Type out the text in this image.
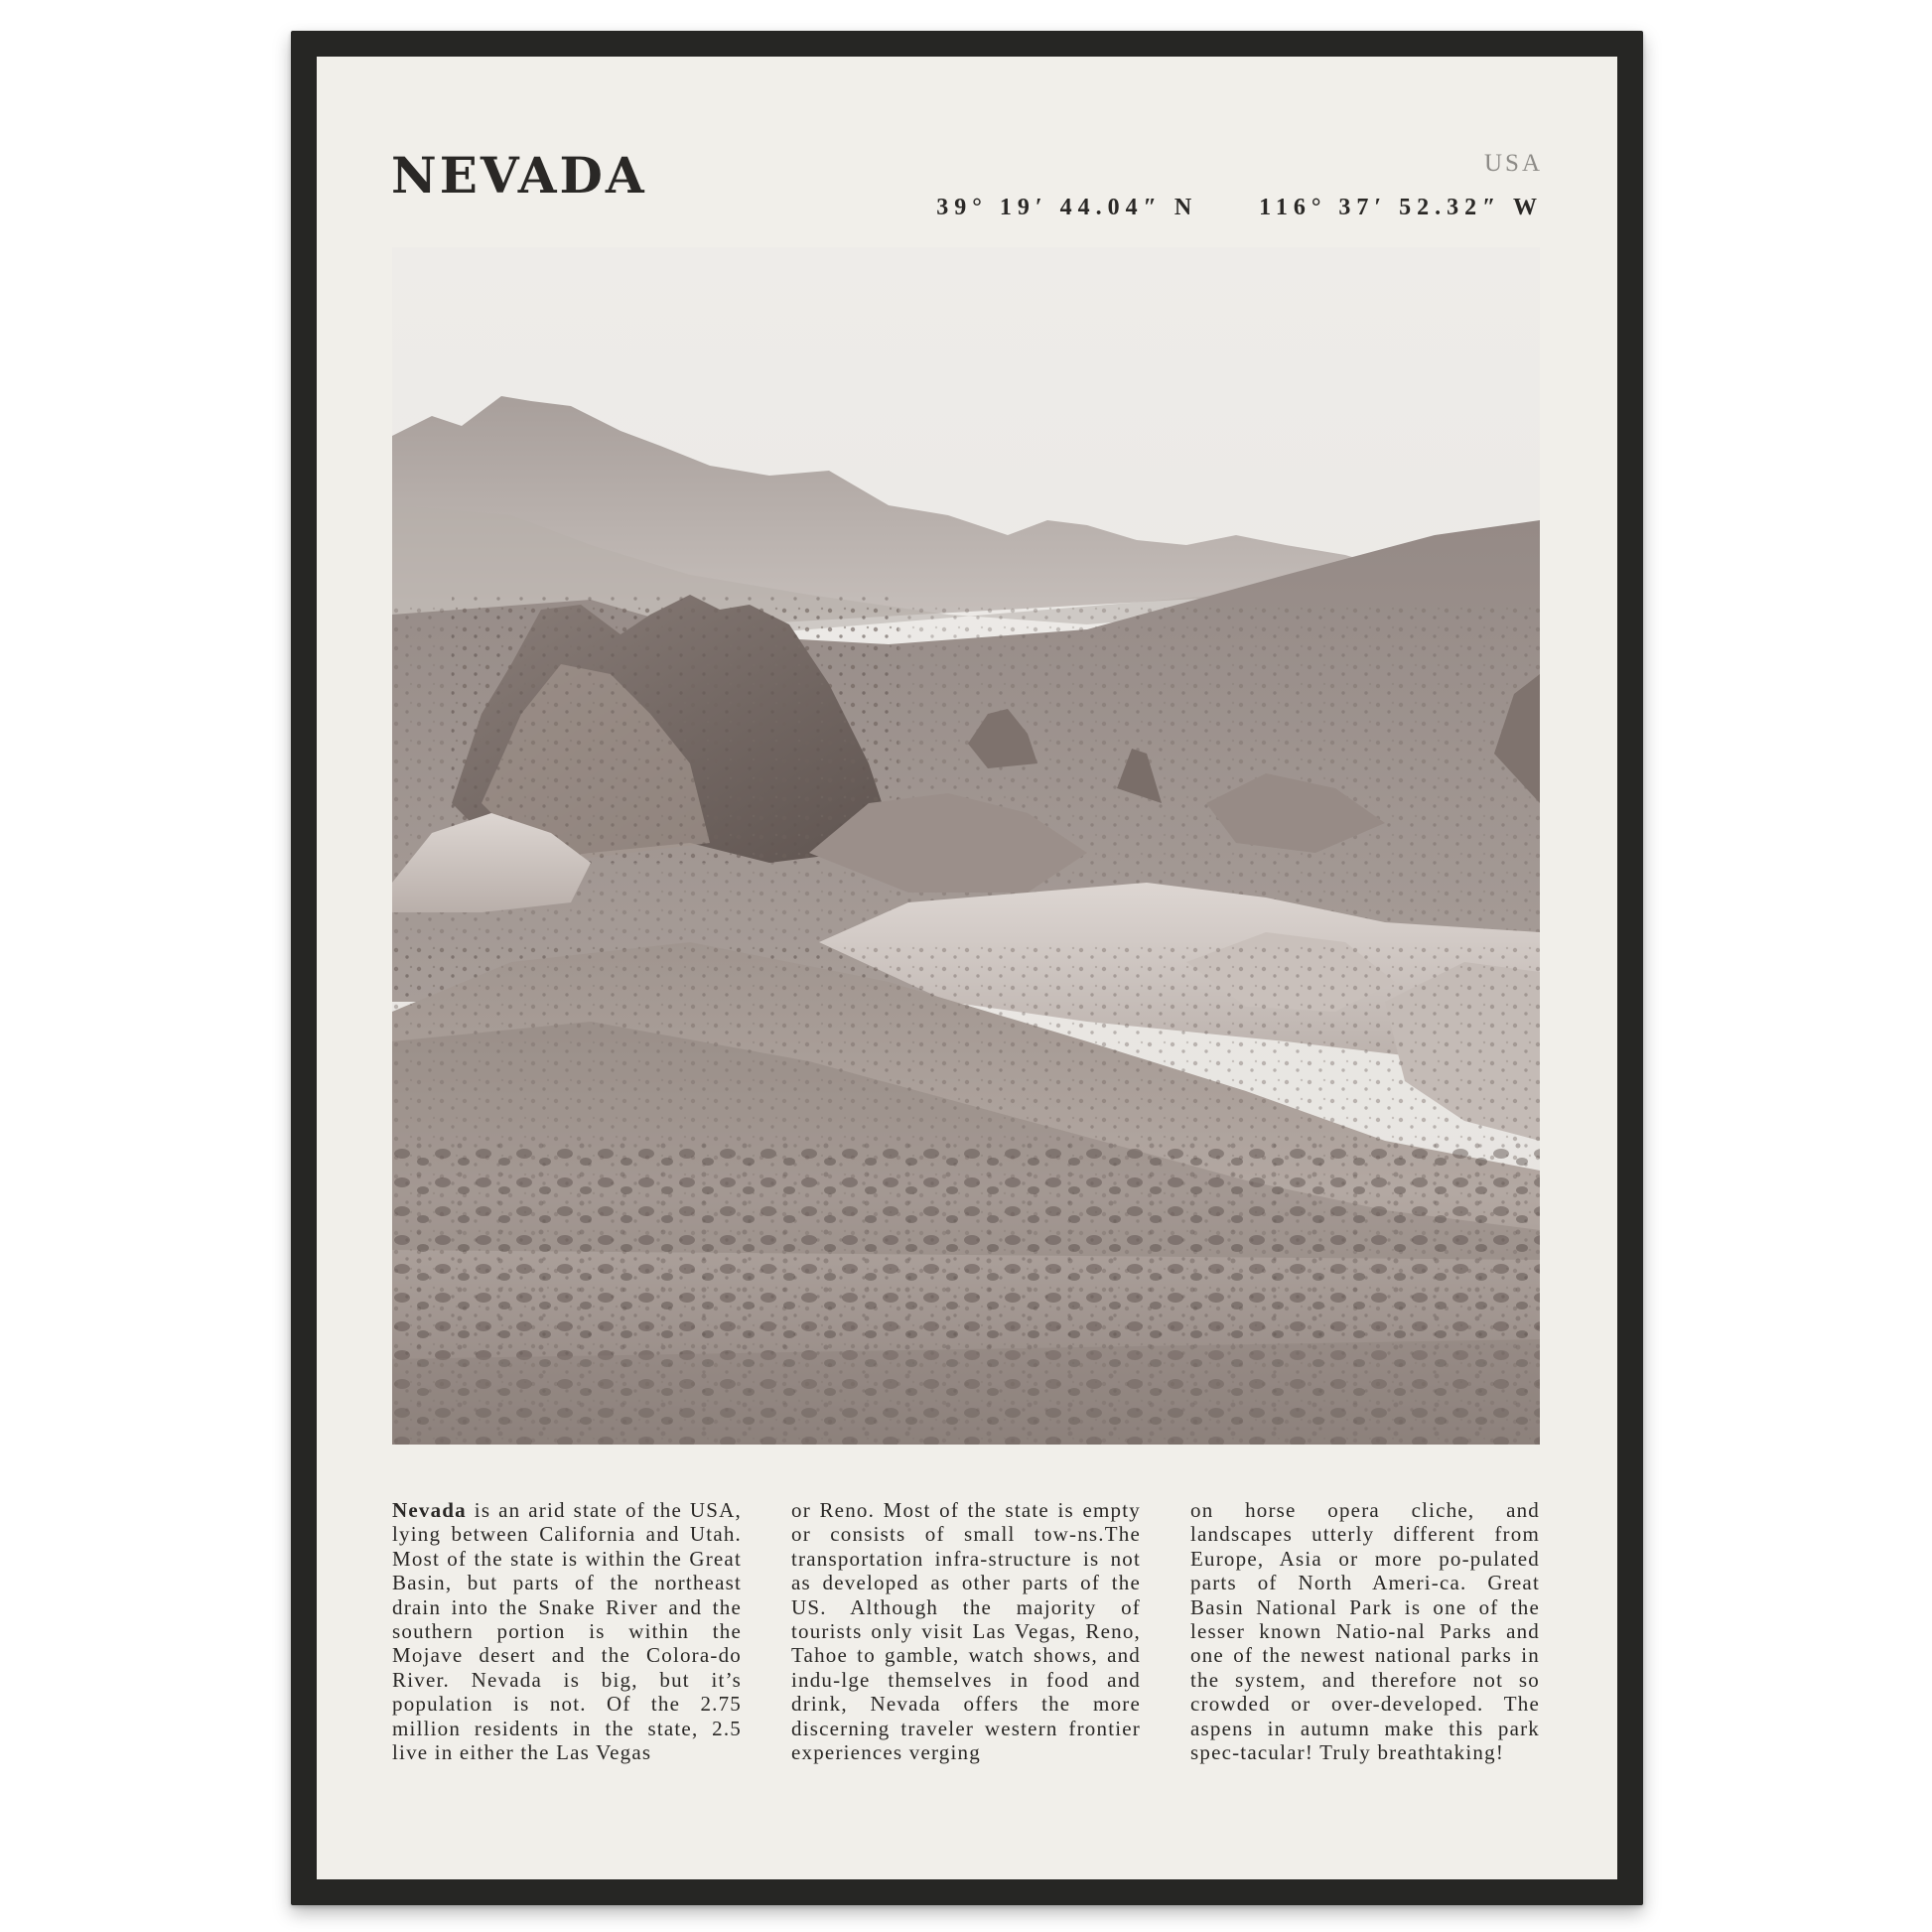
NEVADA	USA
39° 19′ 44.04″ N	116° 37′ 52.32″ W

Nevada is an arid state of the USA, lying between California and Utah. Most of the state is within the Great Basin, but parts of the northeast drain into the Snake River and the southern portion is within the Mojave desert and the Colora-do River. Nevada is big, but it’s population is not. Of the 2.75 million residents in the state, 2.5 live in either the Las Vegas

or Reno. Most of the state is empty or consists of small tow-ns.The transportation infra-structure is not as developed as other parts of the US. Although the majority of tourists only visit Las Vegas, Reno, Tahoe to gamble, watch shows, and indu-lge themselves in food and drink, Nevada offers the more discerning traveler western frontier experiences verging

on horse opera cliche, and landscapes utterly different from Europe, Asia or more po-pulated parts of North Ameri-ca. Great Basin National Park is one of the lesser known Natio-nal Parks and one of the newest national parks in the system, and therefore not so crowded or over-developed. The aspens in autumn make this park spec-tacular! Truly breathtaking!
